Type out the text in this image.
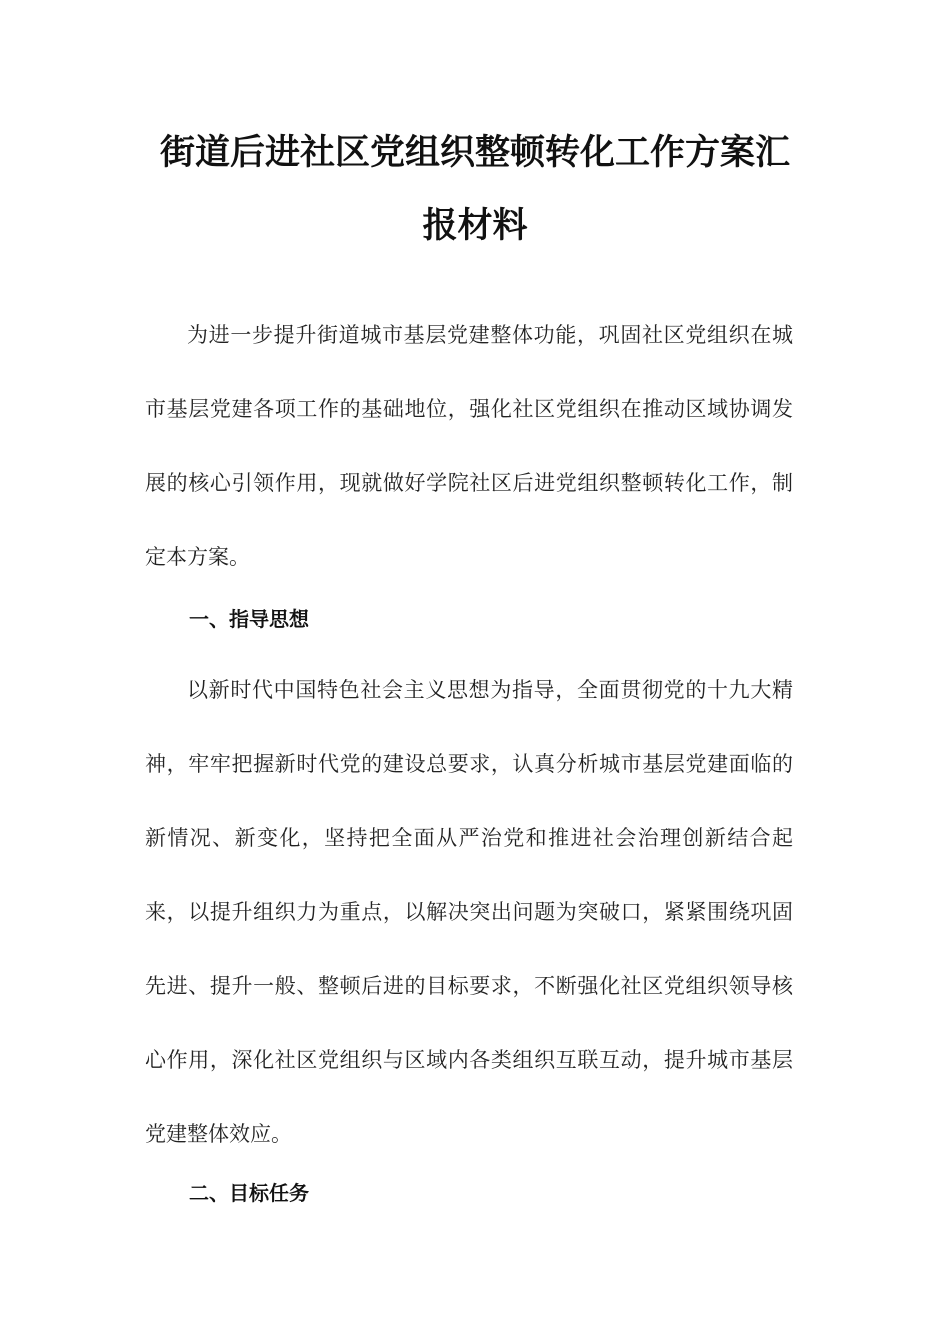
街道后进社区党组织整顿转化工作方案汇
报材料

为进一步提升街道城市基层党建整体功能，巩固社区党组织在城市基层党建各项工作的基础地位，强化社区党组织在推动区域协调发展的核心引领作用，现就做好学院社区后进党组织整顿转化工作，制定本方案。

一、指导思想

以新时代中国特色社会主义思想为指导，全面贯彻党的十九大精神，牢牢把握新时代党的建设总要求，认真分析城市基层党建面临的新情况、新变化，坚持把全面从严治党和推进社会治理创新结合起来，以提升组织力为重点，以解决突出问题为突破口，紧紧围绕巩固先进、提升一般、整顿后进的目标要求，不断强化社区党组织领导核心作用，深化社区党组织与区域内各类组织互联互动，提升城市基层党建整体效应。

二、目标任务
